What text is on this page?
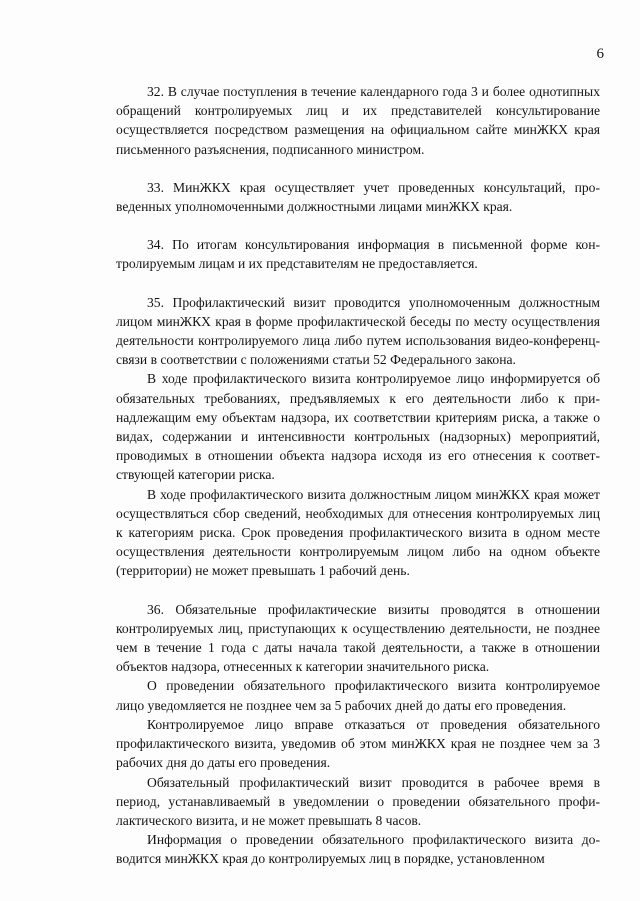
6

32. В случае поступления в течение календарного года 3 и более однотипных обращений контролируемых лиц и их представителей консультирование осуществляется посредством размещения на официальном сайте минЖКХ края письменного разъяснения, подписанного министром.

33. МинЖКХ края осуществляет учет проведенных консультаций, проведенных уполномоченными должностными лицами минЖКХ края.

34. По итогам консультирования информация в письменной форме контролируемым лицам и их представителям не предоставляется.

35. Профилактический визит проводится уполномоченным должностным лицом минЖКХ края в форме профилактической беседы по месту осуществления деятельности контролируемого лица либо путем использования видео-конференц-связи в соответствии с положениями статьи 52 Федерального закона.

В ходе профилактического визита контролируемое лицо информируется об обязательных требованиях, предъявляемых к его деятельности либо к принадлежащим ему объектам надзора, их соответствии критериям риска, а также о видах, содержании и интенсивности контрольных (надзорных) мероприятий, проводимых в отношении объекта надзора исходя из его отнесения к соответствующей категории риска.

В ходе профилактического визита должностным лицом минЖКХ края может осуществляться сбор сведений, необходимых для отнесения контролируемых лиц к категориям риска. Срок проведения профилактического визита в одном месте осуществления деятельности контролируемым лицом либо на одном объекте (территории) не может превышать 1 рабочий день.

36. Обязательные профилактические визиты проводятся в отношении контролируемых лиц, приступающих к осуществлению деятельности, не позднее чем в течение 1 года с даты начала такой деятельности, а также в отношении объектов надзора, отнесенных к категории значительного риска.

О проведении обязательного профилактического визита контролируемое лицо уведомляется не позднее чем за 5 рабочих дней до даты его проведения.

Контролируемое лицо вправе отказаться от проведения обязательного профилактического визита, уведомив об этом минЖКХ края не позднее чем за 3 рабочих дня до даты его проведения.

Обязательный профилактический визит проводится в рабочее время в период, устанавливаемый в уведомлении о проведении обязательного профилактического визита, и не может превышать 8 часов.

Информация о проведении обязательного профилактического визита доводится минЖКХ края до контролируемых лиц в порядке, установленном
